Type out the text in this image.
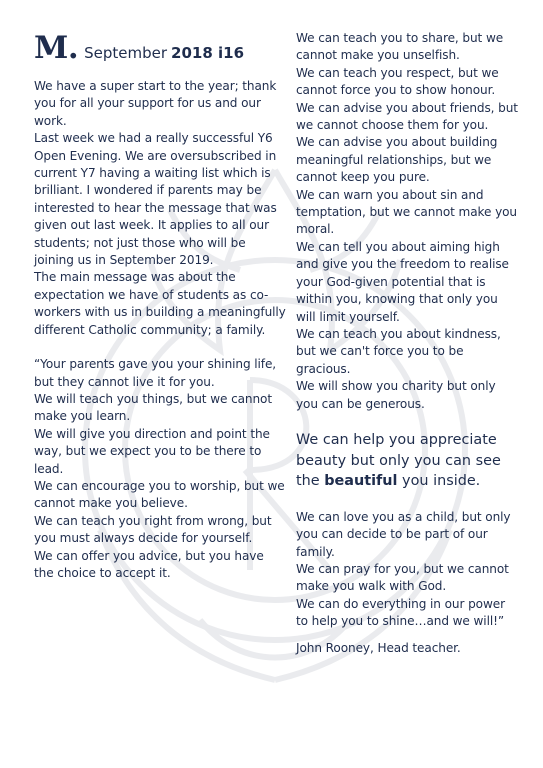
M. September 2018 i16

We have a super start to the year; thank you for all your support for us and our work.

Last week we had a really successful Y6 Open Evening. We are oversubscribed in current Y7 having a waiting list which is brilliant. I wondered if parents may be interested to hear the message that was given out last week. It applies to all our students; not just those who will be joining us in September 2019.

The main message was about the expectation we have of students as co-workers with us in building a meaningfully different Catholic community; a family.

“Your parents gave you your shining life, but they cannot live it for you.

We will teach you things, but we cannot make you learn.

We will give you direction and point the way, but we expect you to be there to lead.

We can encourage you to worship, but we cannot make you believe.

We can teach you right from wrong, but you must always decide for yourself.

We can offer you advice, but you have the choice to accept it.

We can teach you to share, but we cannot make you unselfish.

We can teach you respect, but we cannot force you to show honour.

We can advise you about friends, but we cannot choose them for you.

We can advise you about building meaningful relationships, but we cannot keep you pure.

We can warn you about sin and temptation, but we cannot make you moral.

We can tell you about aiming high and give you the freedom to realise your God-given potential that is within you, knowing that only you will limit yourself.

We can teach you about kindness, but we can't force you to be gracious.

We will show you charity but only you can be generous.

We can help you appreciate beauty but only you can see the beautiful you inside.

We can love you as a child, but only you can decide to be part of our family.

We can pray for you, but we cannot make you walk with God.

We can do everything in our power to help you to shine…and we will!”

John Rooney, Head teacher.
